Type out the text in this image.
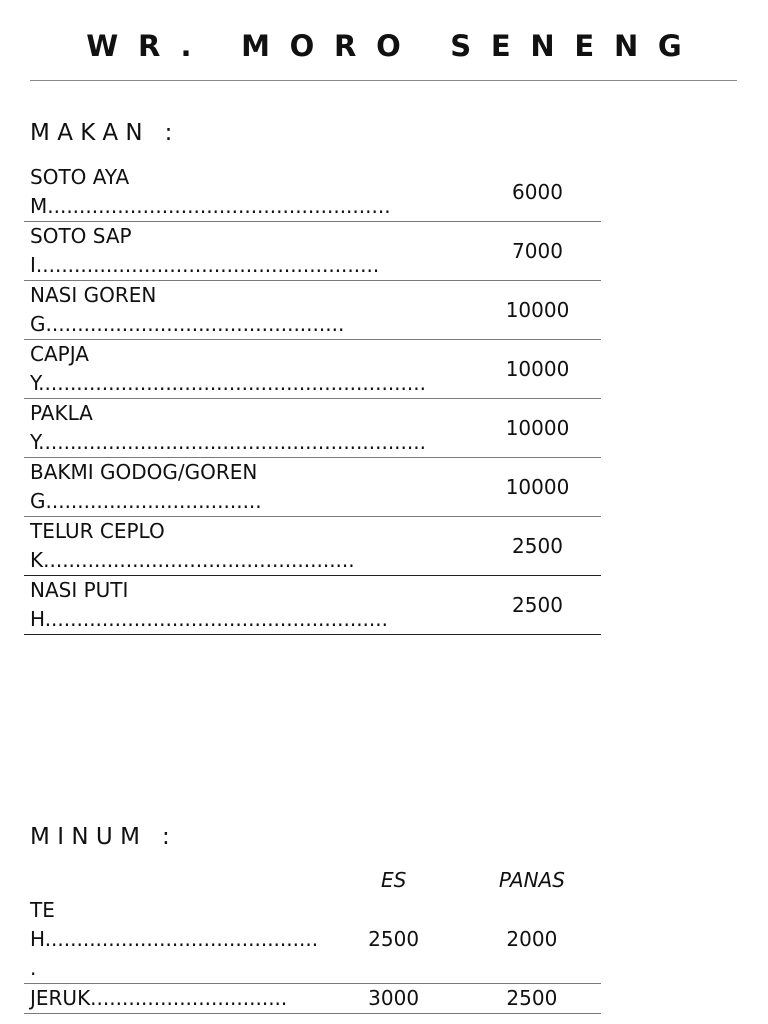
WR. MORO SENENG
MAKAN :
SOTO AYAM......................................................	6000
SOTO SAPI......................................................	7000
NASI GORENG...............................................	10000
CAPJAY.............................................................	10000
PAKLAY.............................................................	10000
BAKMI GODOG/GORENG..................................	10000
TELUR CEPLOK.................................................	2500
NASI PUTIH......................................................	2500
MINUM :
	ES	PANAS
TEH............................................	2500	2000
JERUK...............................	3000	2500
